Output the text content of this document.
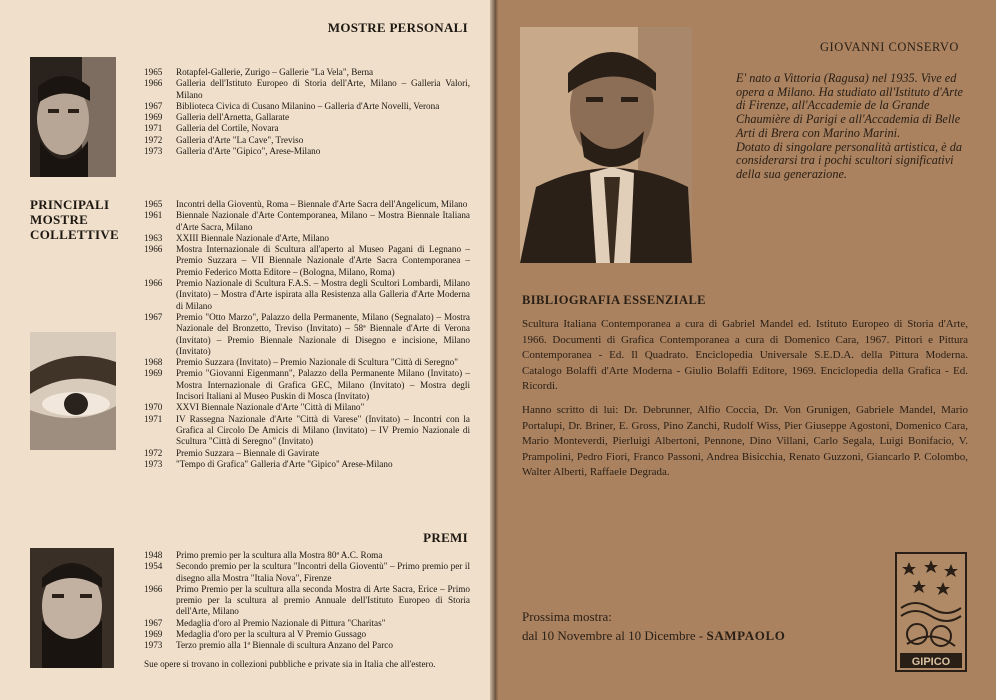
MOSTRE PERSONALI
1965	Rotapfel-Gallerie, Zurigo – Gallerie "La Vela", Berna
1966	Galleria dell'Istituto Europeo di Storia dell'Arte, Milano – Galleria Valori, Milano
1967	Biblioteca Civica di Cusano Milanino – Galleria d'Arte Novelli, Verona
1969	Galleria dell'Arnetta, Gallarate
1971	Galleria del Cortile, Novara
1972	Galleria d'Arte "La Cave", Treviso
1973	Galleria d'Arte "Gipico", Arese-Milano
PRINCIPALI
MOSTRE
COLLETTIVE
1965	Incontri della Gioventù, Roma – Biennale d'Arte Sacra dell'Angelicum, Milano
1961	Biennale Nazionale d'Arte Contemporanea, Milano – Mostra Biennale Italiana d'Arte Sacra, Milano
1963	XXIII Biennale Nazionale d'Arte, Milano
1966	Mostra Internazionale di Scultura all'aperto al Museo Pagani di Legnano –Premio Suzzara – VII Biennale Nazionale d'Arte Sacra Contemporanea – Premio Federico Motta Editore – (Bologna, Milano, Roma)
1966	Premio Nazionale di Scultura F.A.S. – Mostra degli Scultori Lombardi, Milano (Invitato) – Mostra d'Arte ispirata alla Resistenza alla Galleria d'Arte Moderna di Milano
1967	Premio "Otto Marzo", Palazzo della Permanente, Milano (Segnalato) – Mostra Nazionale del Bronzetto, Treviso (Invitato) – 58ª Biennale d'Arte di Verona (Invitato) – Premio Biennale Nazionale di Disegno e incisione, Milano (Invitato)
1968	Premio Suzzara (Invitato) – Premio Nazionale di Scultura "Città di Seregno"
1969	Premio "Giovanni Eigenmann", Palazzo della Permanente Milano (Invitato) – Mostra Internazionale di Grafica GEC, Milano (Invitato) – Mostra degli Incisori Italiani al Museo Puskin di Mosca (Invitato)
1970	XXVI Biennale Nazionale d'Arte "Città di Milano"
1971	IV Rassegna Nazionale d'Arte "Città di Varese" (Invitato) – Incontri con la Grafica al Circolo De Amicis di Milano (Invitato) – IV Premio Nazionale di Scultura "Città di Seregno" (Invitato)
1972	Premio Suzzara – Biennale di Gavirate
1973	"Tempo di Grafica" Galleria d'Arte "Gipico" Arese-Milano
PREMI
1948	Primo premio per la scultura alla Mostra 80ª A.C. Roma
1954	Secondo premio per la scultura "Incontri della Gioventù" – Primo premio per il disegno alla Mostra "Italia Nova", Firenze
1966	Primo Premio per la scultura alla seconda Mostra di Arte Sacra, Erice – Primo premio per la scultura al premio Annuale dell'Istituto Europeo di Storia dell'Arte, Milano
1967	Medaglia d'oro al Premio Nazionale di Pittura "Charitas"
1969	Medaglia d'oro per la scultura al V Premio Gussago
1973	Terzo premio alla 1ª Biennale di scultura Anzano del Parco
Sue opere si trovano in collezioni pubbliche e private sia in Italia che all'estero.
GIOVANNI CONSERVO

E' nato a Vittoria (Ragusa) nel 1935. Vive ed opera a Milano. Ha studiato all'Istituto d'Arte di Firenze, all'Accademie de la Grande Chaumière di Parigi e all'Accademia di Belle Arti di Brera con Marino Marini.

Dotato di singolare personalità artistica, è da considerarsi tra i pochi scultori significativi della sua generazione.

BIBLIOGRAFIA ESSENZIALE

Scultura Italiana Contemporanea a cura di Gabriel Mandel ed. Istituto Europeo di Storia d'Arte, 1966. Documenti di Grafica Contemporanea a cura di Domenico Cara, 1967. Pittori e Pittura Contemporanea - Ed. Il Quadrato. Enciclopedia Universale S.E.D.A. della Pittura Moderna. Catalogo Bolaffi d'Arte Moderna - Giulio Bolaffi Editore, 1969. Enciclopedia della Grafica - Ed. Ricordi.

Hanno scritto di lui: Dr. Debrunner, Alfio Coccia, Dr. Von Grunigen, Gabriele Mandel, Mario Portalupi, Dr. Briner, E. Gross, Pino Zanchi, Rudolf Wiss, Pier Giuseppe Agostoni, Domenico Cara, Mario Monteverdi, Pierluigi Albertoni, Pennone, Dino Villani, Carlo Segala, Luigi Bonifacio, V. Prampolini, Pedro Fiori, Franco Passoni, Andrea Bisicchia, Renato Guzzoni, Giancarlo P. Colombo, Walter Alberti, Raffaele Degrada.

Prossima mostra:
dal 10 Novembre al 10 Dicembre - SAMPAOLO
GIPICO
